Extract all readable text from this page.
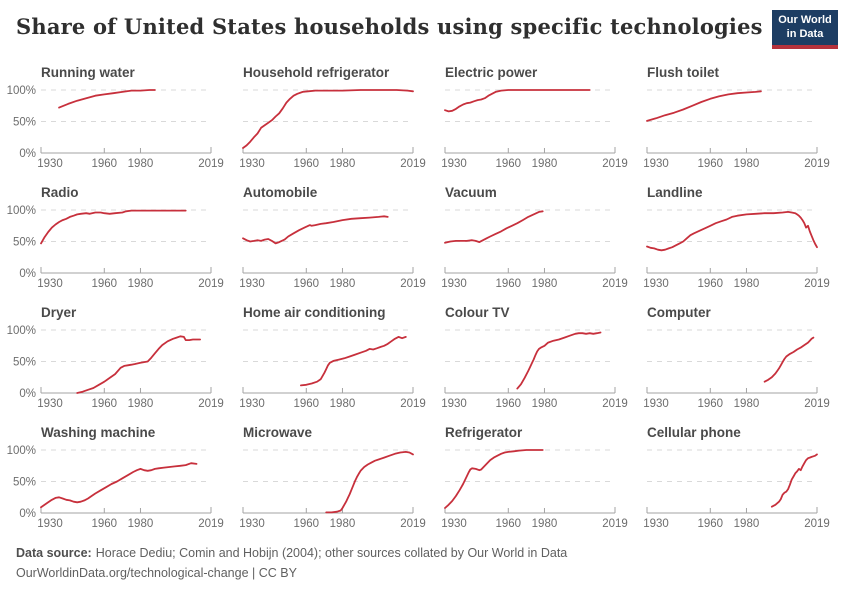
Share of United States households using specific technologies Our World
in Data
Running water
1930 1960 1980	2019
0%
50%
100%
Household refrigerator
1930 1960 1980	2019
Electric power
1930 1960 1980	2019
Flush toilet
1930 1960 1980	2019
Radio
1930 1960 1980	2019
0%
50%
100%
Automobile
1930 1960 1980	2019
Vacuum
1930 1960 1980	2019
Landline
1930 1960 1980	2019
Dryer
1930 1960 1980	2019
0%
50%
100%
Home air conditioning
1930 1960 1980	2019
Colour TV
1930 1960 1980	2019
Computer
1930 1960 1980	2019
Washing machine
1930 1960 1980	2019
0%
50%
100%
Microwave
1930 1960 1980	2019
Refrigerator
1930 1960 1980	2019
Cellular phone
1930 1960 1980	2019
Data source: Horace Dediu; Comin and Hobijn (2004); other sources collated by Our World in Data
OurWorldinData.org/technological-change | CC BY
